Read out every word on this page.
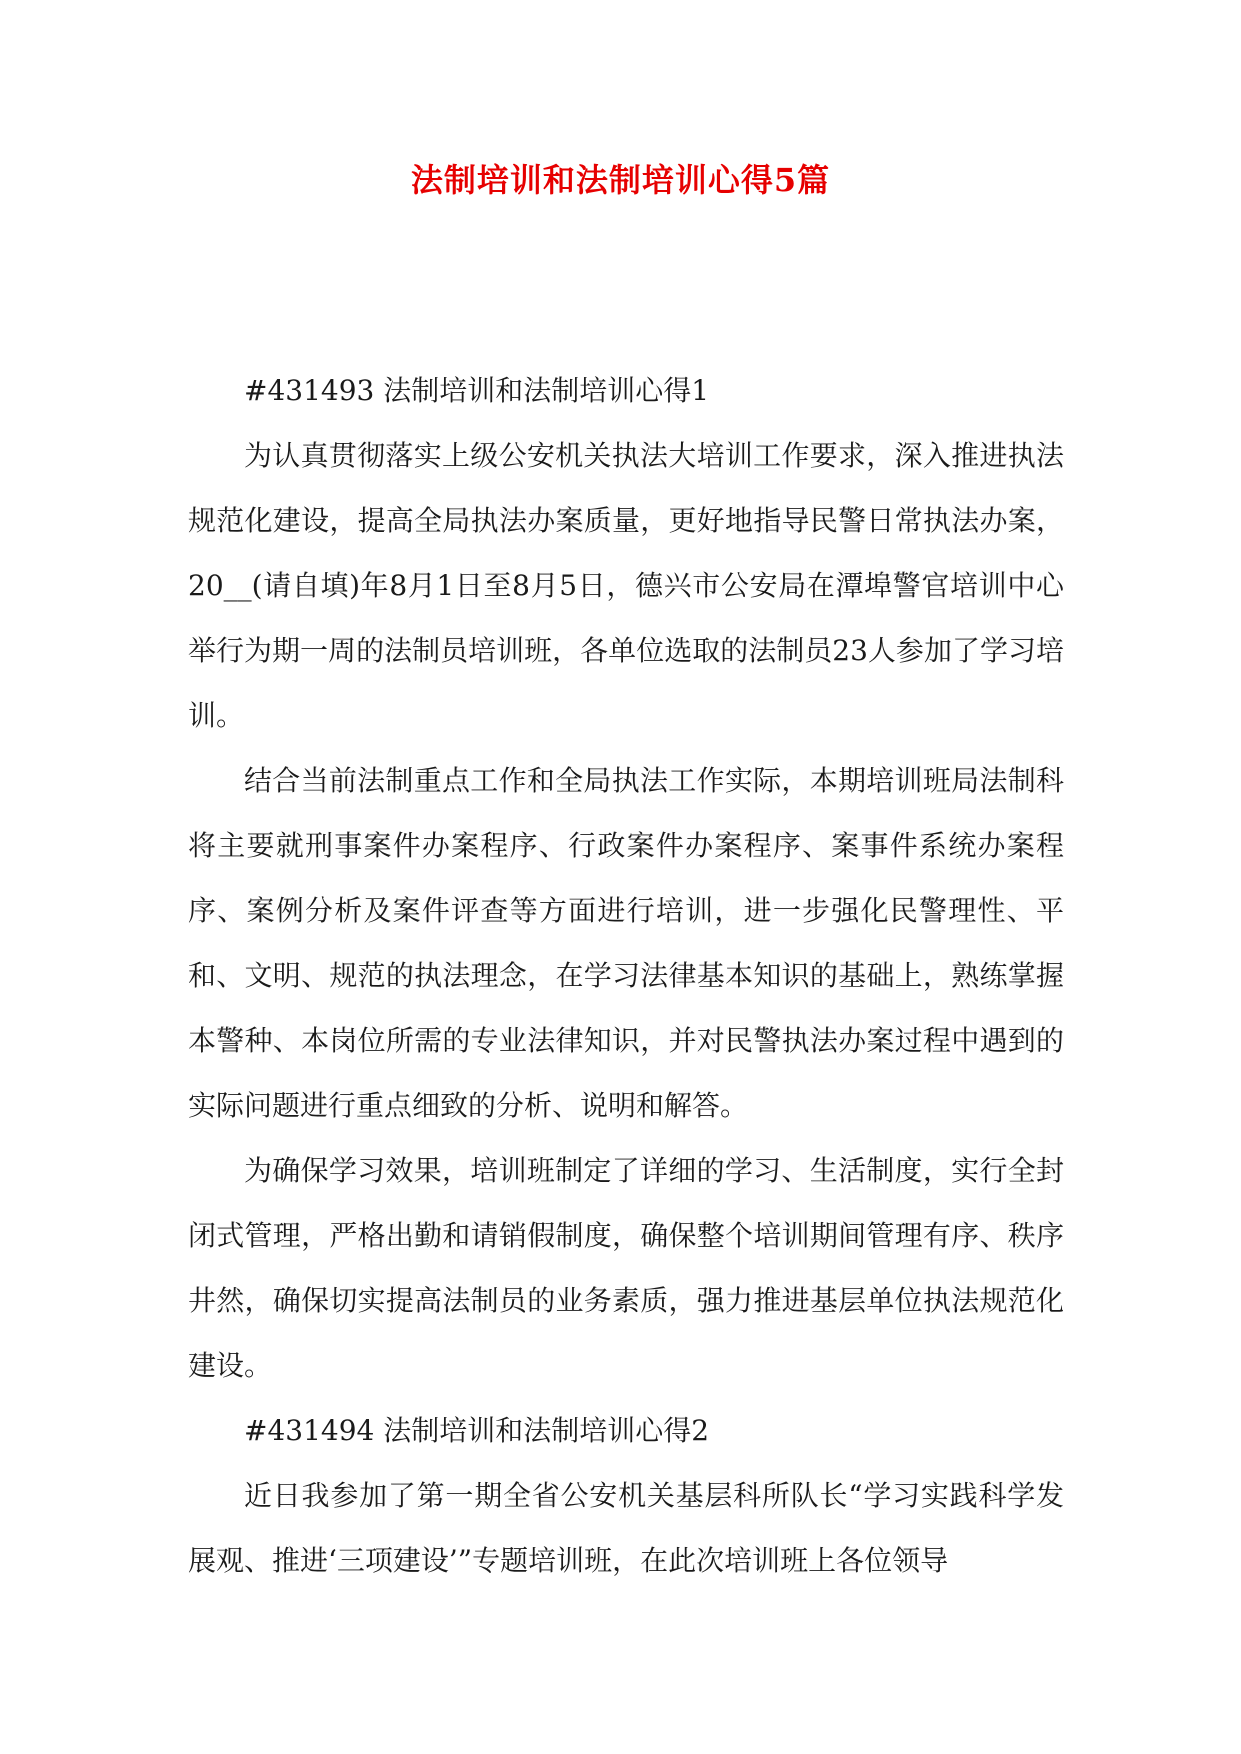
法制培训和法制培训心得5篇

#431493 法制培训和法制培训心得1

为认真贯彻落实上级公安机关执法大培训工作要求，深入推进执法规范化建设，提高全局执法办案质量，更好地指导民警日常执法办案，20__(请自填)年8月1日至8月5日，德兴市公安局在潭埠警官培训中心举行为期一周的法制员培训班，各单位选取的法制员23人参加了学习培训。

结合当前法制重点工作和全局执法工作实际，本期培训班局法制科将主要就刑事案件办案程序、行政案件办案程序、案事件系统办案程序、案例分析及案件评查等方面进行培训，进一步强化民警理性、平和、文明、规范的执法理念，在学习法律基本知识的基础上，熟练掌握本警种、本岗位所需的专业法律知识，并对民警执法办案过程中遇到的实际问题进行重点细致的分析、说明和解答。

为确保学习效果，培训班制定了详细的学习、生活制度，实行全封闭式管理，严格出勤和请销假制度，确保整个培训期间管理有序、秩序井然，确保切实提高法制员的业务素质，强力推进基层单位执法规范化建设。

#431494 法制培训和法制培训心得2

近日我参加了第一期全省公安机关基层科所队长“学习实践科学发展观、推进‘三项建设’”专题培训班，在此次培训班上各位领导
